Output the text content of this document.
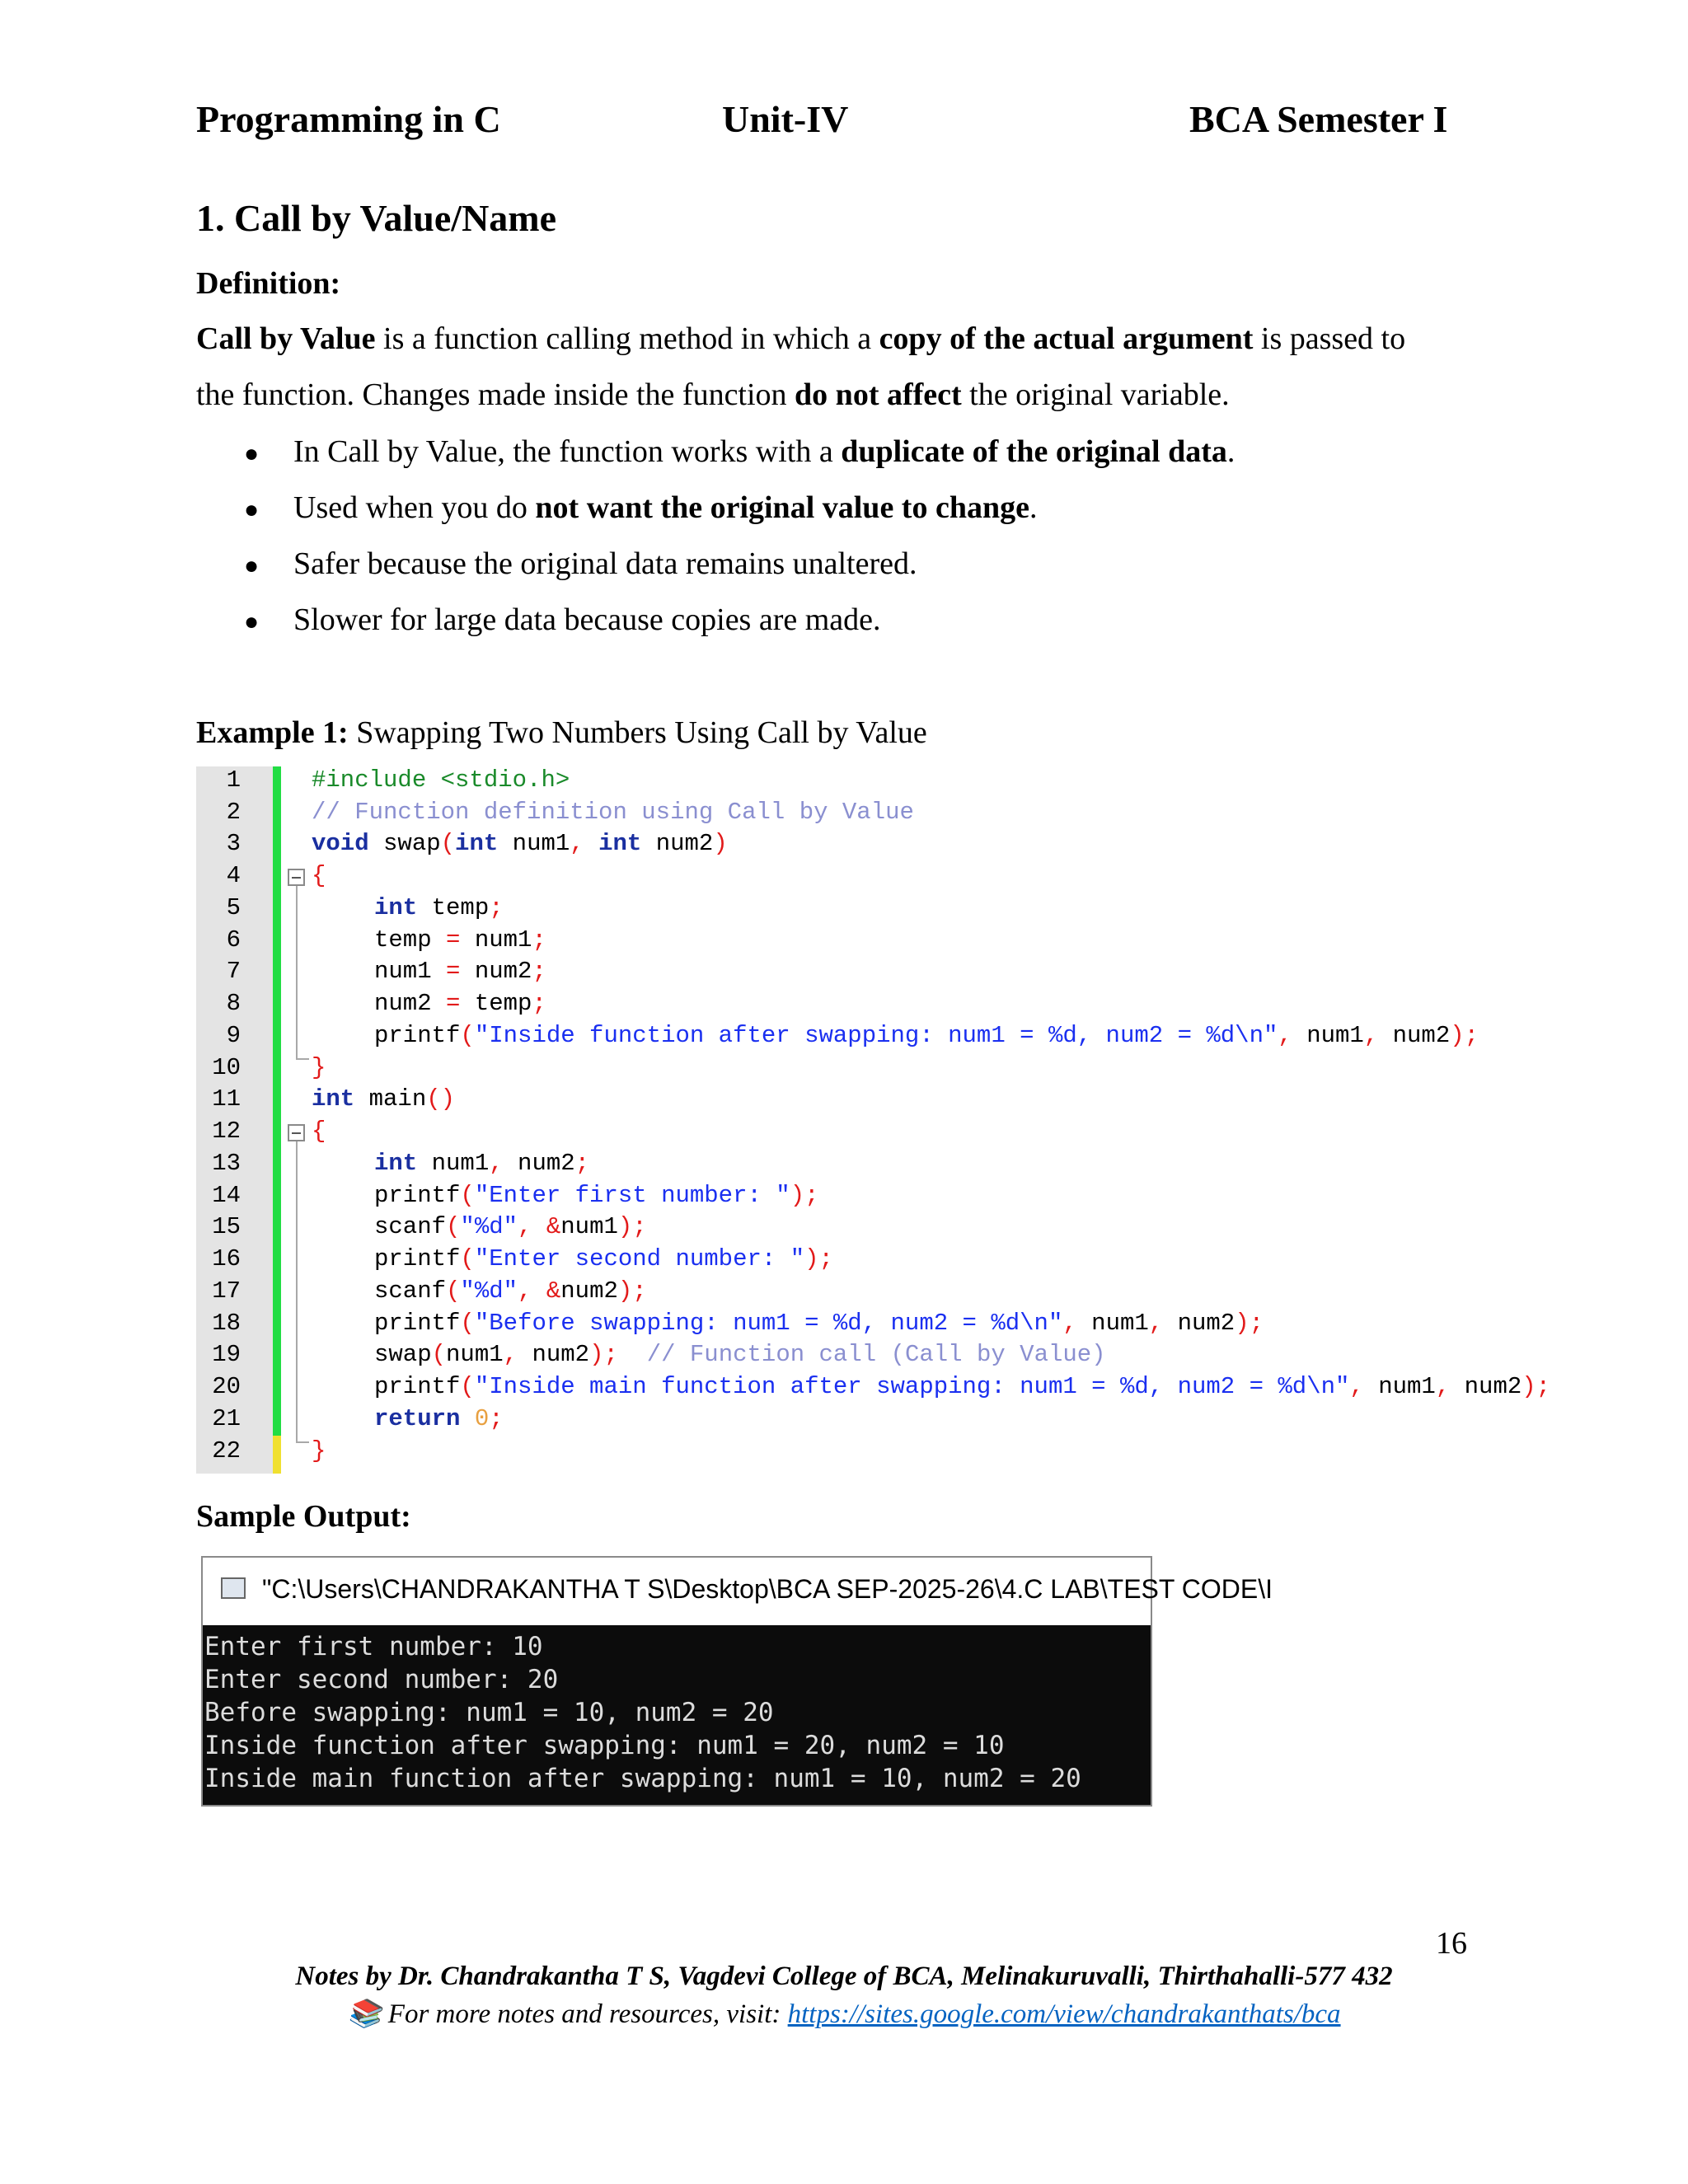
Programming in C	Unit-IV	BCA Semester I
1. Call by Value/Name
Definition:
Call by Value is a function calling method in which a copy of the actual argument is passed to
the function. Changes made inside the function do not affect the original variable.
● In Call by Value, the function works with a duplicate of the original data.
● Used when you do not want the original value to change.
● Safer because the original data remains unaltered.
● Slower for large data because copies are made.
Example 1: Swapping Two Numbers Using Call by Value
1
2
3
4
5
6
7
8
9
10
11
12
13
14
15
16
17
18
19
20
21
22
#include <stdio.h>
// Function definition using Call by Value
void swap(int num1, int num2)
{
int temp;
temp = num1;
num1 = num2;
num2 = temp;
printf("Inside function after swapping: num1 = %d, num2 = %d\n", num1, num2);
}
int main()
{
int num1, num2;
printf("Enter first number: ");
scanf("%d", &num1);
printf("Enter second number: ");
scanf("%d", &num2);
printf("Before swapping: num1 = %d, num2 = %d\n", num1, num2);
swap(num1, num2);  // Function call (Call by Value)
printf("Inside main function after swapping: num1 = %d, num2 = %d\n", num1, num2);
return 0;
}
Sample Output:
"C:\Users\CHANDRAKANTHA T S\Desktop\BCA SEP-2025-26\4.C LAB\TEST CODE\I
Enter first number: 10
Enter second number: 20
Before swapping: num1 = 10, num2 = 20
Inside function after swapping: num1 = 20, num2 = 10
Inside main function after swapping: num1 = 10, num2 = 20
16
Notes by Dr. Chandrakantha T S, Vagdevi College of BCA, Melinakuruvalli, Thirthahalli-577 432
📚 For more notes and resources, visit: https://sites.google.com/view/chandrakanthats/bca
